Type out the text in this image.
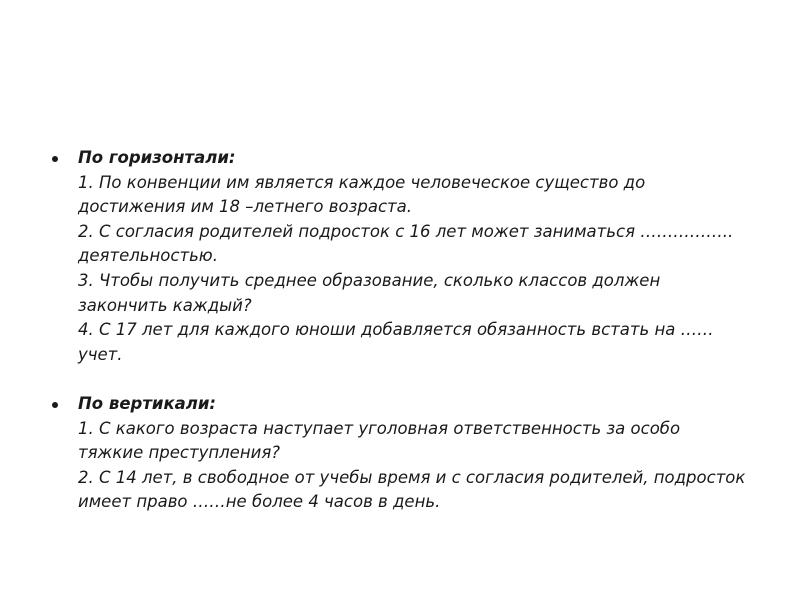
По горизонтали:
1. По конвенции им является каждое человеческое существо до достижения им 18 –летнего возраста.
2. С согласия родителей подросток с 16 лет может заниматься …………….. деятельностью.
3. Чтобы получить среднее образование, сколько классов должен закончить каждый?
4. С 17 лет для каждого юноши добавляется обязанность встать на …… учет.
По вертикали:
1. С какого возраста наступает уголовная ответственность за особо тяжкие преступления?
2. С 14 лет, в свободное от учебы время и с согласия родителей, подросток имеет право ……не более 4 часов в день.
